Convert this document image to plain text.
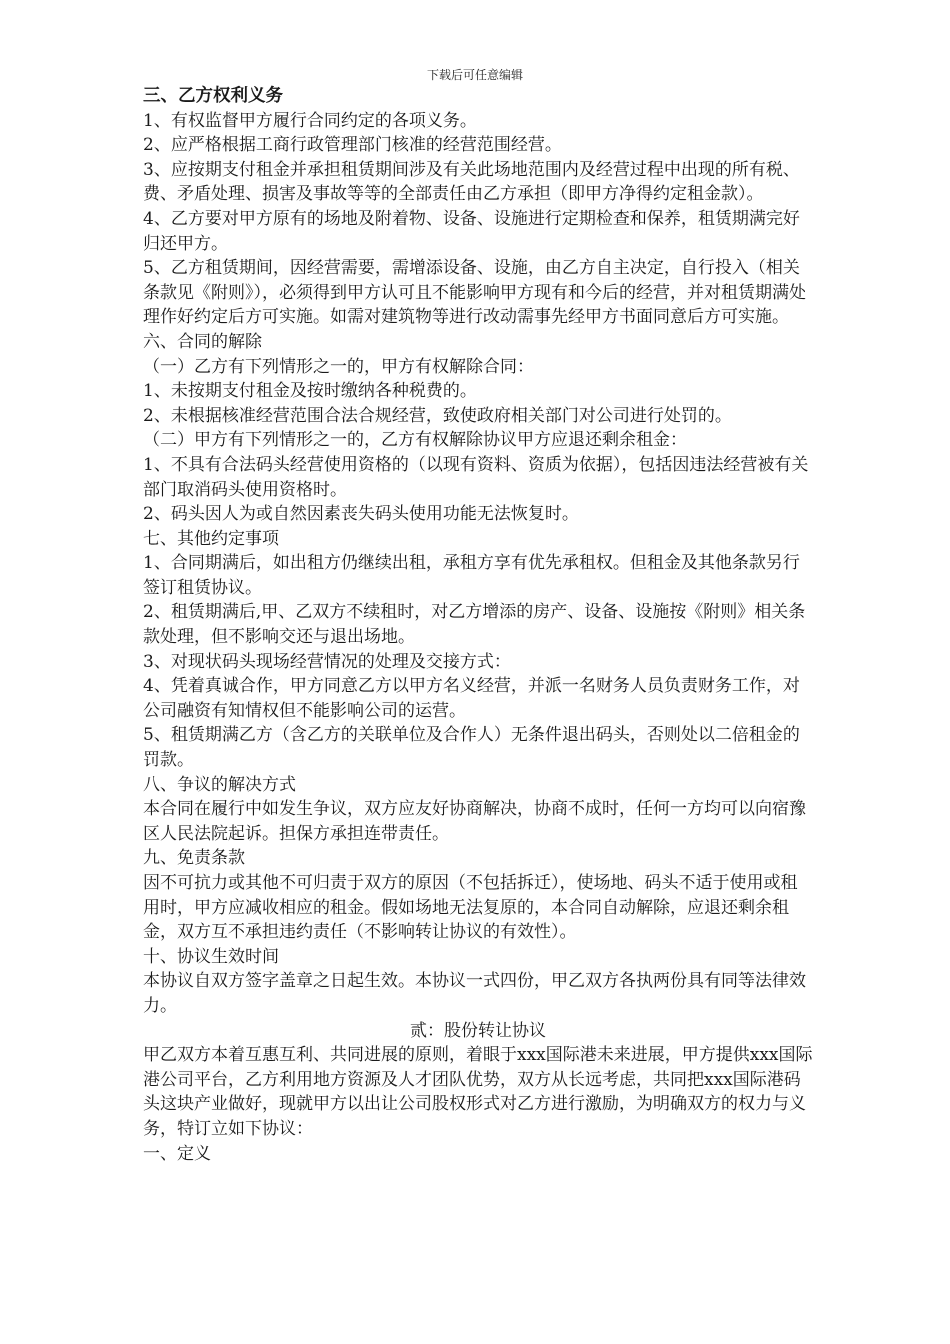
下载后可任意编辑
三、乙方权利义务
1、有权监督甲方履行合同约定的各项义务。
2、应严格根据工商行政管理部门核准的经营范围经营。
3、应按期支付租金并承担租赁期间涉及有关此场地范围内及经营过程中出现的所有税、费、矛盾处理、损害及事故等等的全部责任由乙方承担（即甲方净得约定租金款）。
4、乙方要对甲方原有的场地及附着物、设备、设施进行定期检查和保养，租赁期满完好归还甲方。
5、乙方租赁期间，因经营需要，需增添设备、设施，由乙方自主决定，自行投入（相关条款见《附则》），必须得到甲方认可且不能影响甲方现有和今后的经营，并对租赁期满处理作好约定后方可实施。如需对建筑物等进行改动需事先经甲方书面同意后方可实施。
六、合同的解除
（一）乙方有下列情形之一的，甲方有权解除合同：
1、未按期支付租金及按时缴纳各种税费的。
2、未根据核准经营范围合法合规经营，致使政府相关部门对公司进行处罚的。
（二）甲方有下列情形之一的，乙方有权解除协议甲方应退还剩余租金：
1、不具有合法码头经营使用资格的（以现有资料、资质为依据），包括因违法经营被有关部门取消码头使用资格时。
2、码头因人为或自然因素丧失码头使用功能无法恢复时。
七、其他约定事项
1、合同期满后，如出租方仍继续出租，承租方享有优先承租权。但租金及其他条款另行签订租赁协议。
2、租赁期满后,甲、乙双方不续租时，对乙方增添的房产、设备、设施按《附则》相关条款处理，但不影响交还与退出场地。
3、对现状码头现场经营情况的处理及交接方式：
4、凭着真诚合作，甲方同意乙方以甲方名义经营，并派一名财务人员负责财务工作，对公司融资有知情权但不能影响公司的运营。
5、租赁期满乙方（含乙方的关联单位及合作人）无条件退出码头，否则处以二倍租金的罚款。
八、争议的解决方式
本合同在履行中如发生争议，双方应友好协商解决，协商不成时，任何一方均可以向宿豫区人民法院起诉。担保方承担连带责任。
九、免责条款
因不可抗力或其他不可归责于双方的原因（不包括拆迁），使场地、码头不适于使用或租用时，甲方应减收相应的租金。假如场地无法复原的，本合同自动解除，应退还剩余租金，双方互不承担违约责任（不影响转让协议的有效性）。
十、协议生效时间
本协议自双方签字盖章之日起生效。本协议一式四份，甲乙双方各执两份具有同等法律效力。
贰：股份转让协议
甲乙双方本着互惠互利、共同进展的原则，着眼于xxx国际港未来进展，甲方提供xxx国际港公司平台，乙方利用地方资源及人才团队优势，双方从长远考虑，共同把xxx国际港码头这块产业做好，现就甲方以出让公司股权形式对乙方进行激励，为明确双方的权力与义务，特订立如下协议：
一、定义
